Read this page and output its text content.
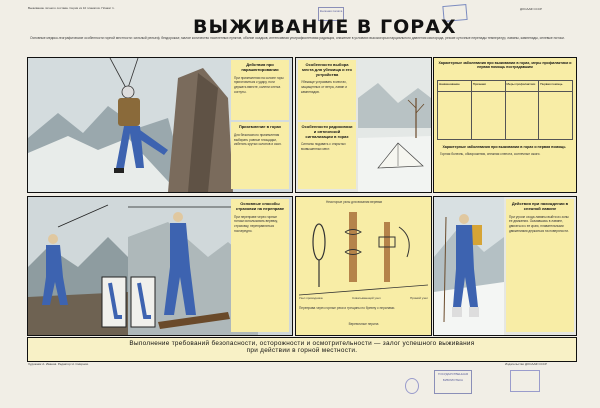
Выживание личного состава. Серия из 10 плакатов. Плакат 1.	ДОСААФ СССР
Книжная палата
ВЫЖИВАНИЕ В ГОРАХ
Основные медико-географические особенности горной местности: сильный рельеф, бездорожье, малое количество населенных пунктов, обилие осадков, интенсивная ультрафиолетовая радиация, снижение в условиях высокогорья парциального давления кислорода, резкие суточные перепады температур, лавины, камнепады, селевые потоки.
Действия при парашютировании
При приземлении на склоне горы приготовиться к удару, ноги держать вместе, колени слегка согнуты.
Приземление в горах
Для безопасного приземления выбирать ровные площадки, избегать крутых склонов и скал.
Особенности выбора места для убежища и его устройства
Убежище устраивать в местах, защищенных от ветра, лавин и камнепадов.
Особенности радиосвязи и оптической сигнализации в горах
Сигналы подавать с открытых возвышенных мест.
Характерные заболевания при выживании в горах, меры профилактики и первая помощь пострадавшим
Наименование	Признаки	Меры профилактики	Первая помощь
Характерные заболевания при выживании в горах и первая помощь
Горная болезнь, обморожения, снежная слепота, солнечные ожоги.
Основные способы страховки на переправе
При переправе через горные потоки использовать веревку, страховку, переправляться поочередно.
Некоторые узлы для вязания веревки
Узел проводника	Схватывающий узел	Прямой узел
Переправа через горные реки и трещины по бревну с перилами.
Веревочные перила
Действия при нахождении в снежной лавине
При угрозе схода лавины выйти из зоны ее движения. Оказавшись в лавине, двигаться к ее краю, плавательными движениями держаться на поверхности.
Выполнение требований безопасности, осторожности и осмотрительности — залог успешного выживания
при действии в горной местности.
Художник А. Иванов. Редактор Н. Смирнов.	Издательство ДОСААФ СССР
ГОСУДАРСТВЕННАЯ БИБЛИОТЕКА
